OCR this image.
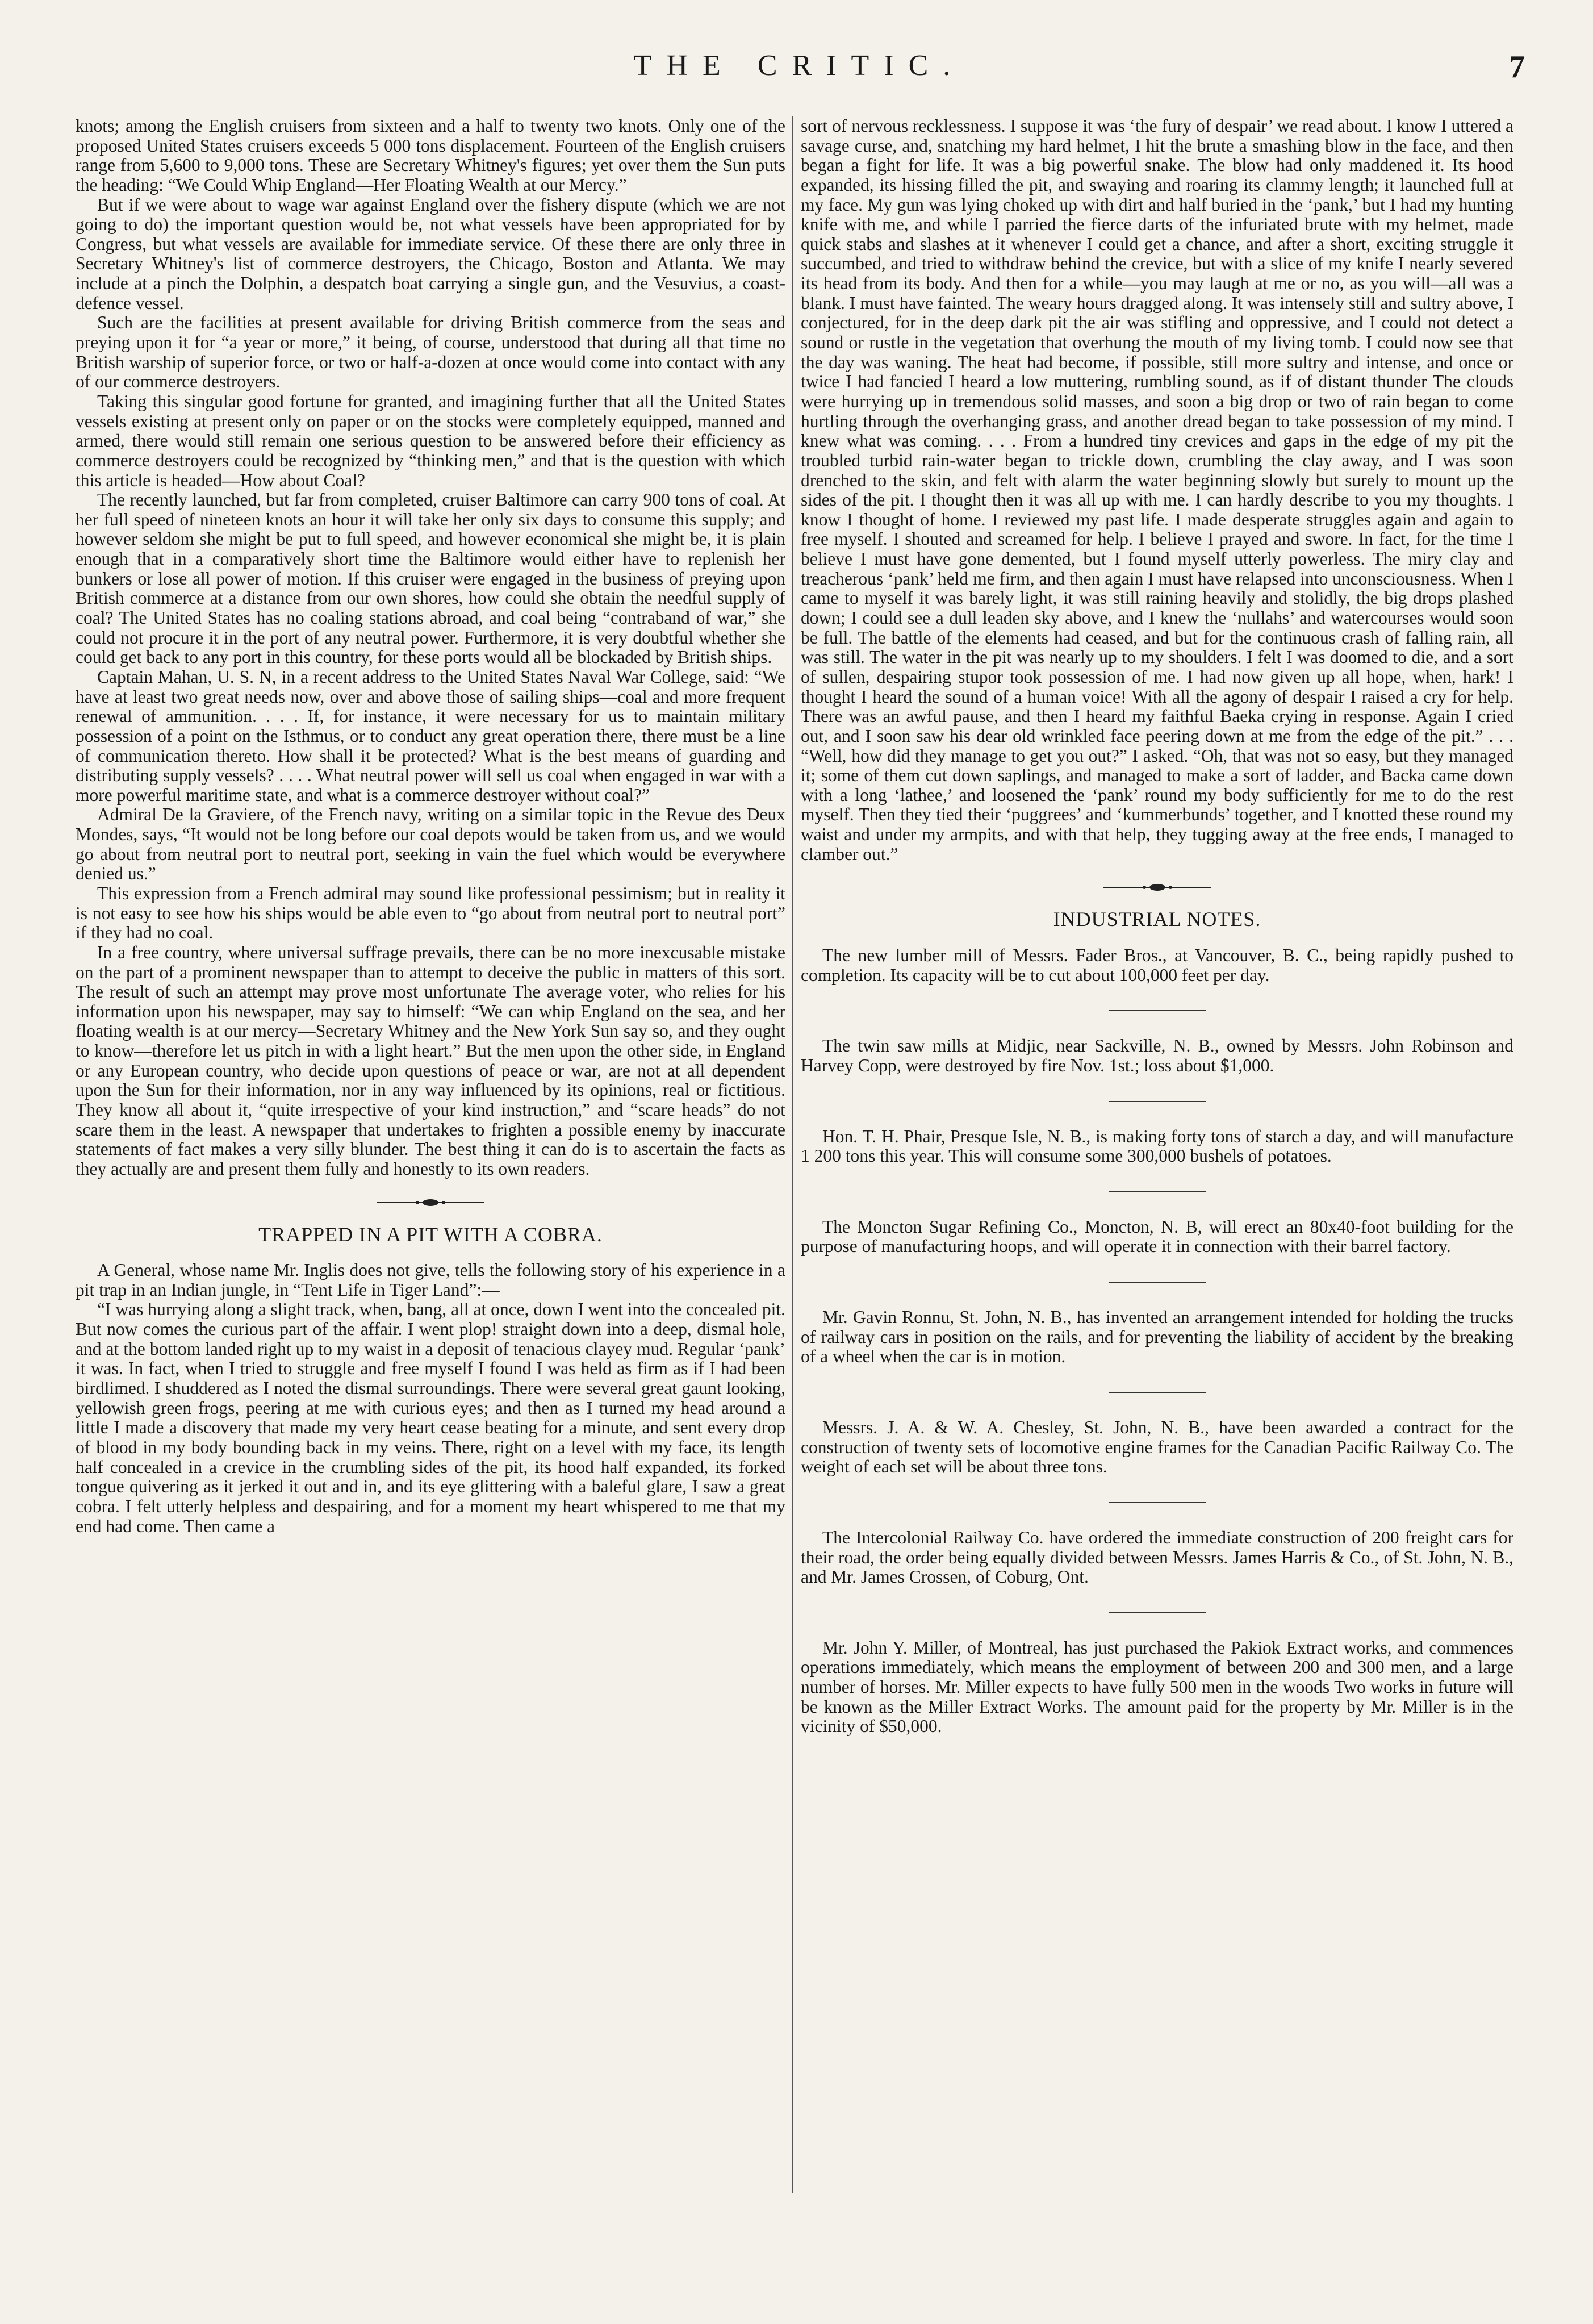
THE CRITIC.	7

knots; among the English cruisers from sixteen and a half to twenty two knots. Only one of the proposed United States cruisers exceeds 5 000 tons displacement. Fourteen of the English cruisers range from 5,600 to 9,000 tons. These are Secretary Whitney's figures; yet over them the Sun puts the heading: “We Could Whip England—Her Floating Wealth at our Mercy.”

But if we were about to wage war against England over the fishery dispute (which we are not going to do) the important question would be, not what vessels have been appropriated for by Congress, but what vessels are available for immediate service. Of these there are only three in Secretary Whitney's list of commerce destroyers, the Chicago, Boston and Atlanta. We may include at a pinch the Dolphin, a despatch boat carrying a single gun, and the Vesuvius, a coast-defence vessel.

Such are the facilities at present available for driving British commerce from the seas and preying upon it for “a year or more,” it being, of course, understood that during all that time no British warship of superior force, or two or half-a-dozen at once would come into contact with any of our commerce destroyers.

Taking this singular good fortune for granted, and imagining further that all the United States vessels existing at present only on paper or on the stocks were completely equipped, manned and armed, there would still remain one serious question to be answered before their efficiency as commerce destroyers could be recognized by “thinking men,” and that is the question with which this article is headed—How about Coal?

The recently launched, but far from completed, cruiser Baltimore can carry 900 tons of coal. At her full speed of nineteen knots an hour it will take her only six days to consume this supply; and however seldom she might be put to full speed, and however economical she might be, it is plain enough that in a comparatively short time the Baltimore would either have to replenish her bunkers or lose all power of motion. If this cruiser were engaged in the business of preying upon British commerce at a distance from our own shores, how could she obtain the needful supply of coal? The United States has no coaling stations abroad, and coal being “contraband of war,” she could not procure it in the port of any neutral power. Furthermore, it is very doubtful whether she could get back to any port in this country, for these ports would all be blockaded by British ships.

Captain Mahan, U. S. N, in a recent address to the United States Naval War College, said: “We have at least two great needs now, over and above those of sailing ships—coal and more frequent renewal of ammunition. . . . If, for instance, it were necessary for us to maintain military possession of a point on the Isthmus, or to conduct any great operation there, there must be a line of communication thereto. How shall it be protected? What is the best means of guarding and distributing supply vessels? . . . . What neutral power will sell us coal when engaged in war with a more powerful maritime state, and what is a commerce destroyer without coal?”

Admiral De la Graviere, of the French navy, writing on a similar topic in the Revue des Deux Mondes, says, “It would not be long before our coal depots would be taken from us, and we would go about from neutral port to neutral port, seeking in vain the fuel which would be everywhere denied us.”

This expression from a French admiral may sound like professional pessimism; but in reality it is not easy to see how his ships would be able even to “go about from neutral port to neutral port” if they had no coal.

In a free country, where universal suffrage prevails, there can be no more inexcusable mistake on the part of a prominent newspaper than to attempt to deceive the public in matters of this sort. The result of such an attempt may prove most unfortunate The average voter, who relies for his information upon his newspaper, may say to himself: “We can whip England on the sea, and her floating wealth is at our mercy—Secretary Whitney and the New York Sun say so, and they ought to know—therefore let us pitch in with a light heart.” But the men upon the other side, in England or any European country, who decide upon questions of peace or war, are not at all dependent upon the Sun for their information, nor in any way influenced by its opinions, real or fictitious. They know all about it, “quite irrespective of your kind instruction,” and “scare heads” do not scare them in the least. A newspaper that undertakes to frighten a possible enemy by inaccurate statements of fact makes a very silly blunder. The best thing it can do is to ascertain the facts as they actually are and present them fully and honestly to its own readers.

TRAPPED IN A PIT WITH A COBRA.

A General, whose name Mr. Inglis does not give, tells the following story of his experience in a pit trap in an Indian jungle, in “Tent Life in Tiger Land”:—

“I was hurrying along a slight track, when, bang, all at once, down I went into the concealed pit. But now comes the curious part of the affair. I went plop! straight down into a deep, dismal hole, and at the bottom landed right up to my waist in a deposit of tenacious clayey mud. Regular ‘pank’ it was. In fact, when I tried to struggle and free myself I found I was held as firm as if I had been birdlimed. I shuddered as I noted the dismal surroundings. There were several great gaunt looking, yellowish green frogs, peering at me with curious eyes; and then as I turned my head around a little I made a discovery that made my very heart cease beating for a minute, and sent every drop of blood in my body bounding back in my veins. There, right on a level with my face, its length half concealed in a crevice in the crumbling sides of the pit, its hood half expanded, its forked tongue quivering as it jerked it out and in, and its eye glittering with a baleful glare, I saw a great cobra. I felt utterly helpless and despairing, and for a moment my heart whispered to me that my end had come. Then came a

sort of nervous recklessness. I suppose it was ‘the fury of despair’ we read about. I know I uttered a savage curse, and, snatching my hard helmet, I hit the brute a smashing blow in the face, and then began a fight for life. It was a big powerful snake. The blow had only maddened it. Its hood expanded, its hissing filled the pit, and swaying and roaring its clammy length; it launched full at my face. My gun was lying choked up with dirt and half buried in the ‘pank,’ but I had my hunting knife with me, and while I parried the fierce darts of the infuriated brute with my helmet, made quick stabs and slashes at it whenever I could get a chance, and after a short, exciting struggle it succumbed, and tried to withdraw behind the crevice, but with a slice of my knife I nearly severed its head from its body. And then for a while—you may laugh at me or no, as you will—all was a blank. I must have fainted. The weary hours dragged along. It was intensely still and sultry above, I conjectured, for in the deep dark pit the air was stifling and oppressive, and I could not detect a sound or rustle in the vegetation that overhung the mouth of my living tomb. I could now see that the day was waning. The heat had become, if possible, still more sultry and intense, and once or twice I had fancied I heard a low muttering, rumbling sound, as if of distant thunder The clouds were hurrying up in tremendous solid masses, and soon a big drop or two of rain began to come hurtling through the overhanging grass, and another dread began to take possession of my mind. I knew what was coming. . . . From a hundred tiny crevices and gaps in the edge of my pit the troubled turbid rain-water began to trickle down, crumbling the clay away, and I was soon drenched to the skin, and felt with alarm the water beginning slowly but surely to mount up the sides of the pit. I thought then it was all up with me. I can hardly describe to you my thoughts. I know I thought of home. I reviewed my past life. I made desperate struggles again and again to free myself. I shouted and screamed for help. I believe I prayed and swore. In fact, for the time I believe I must have gone demented, but I found myself utterly powerless. The miry clay and treacherous ‘pank’ held me firm, and then again I must have relapsed into unconsciousness. When I came to myself it was barely light, it was still raining heavily and stolidly, the big drops plashed down; I could see a dull leaden sky above, and I knew the ‘nullahs’ and watercourses would soon be full. The battle of the elements had ceased, and but for the continuous crash of falling rain, all was still. The water in the pit was nearly up to my shoulders. I felt I was doomed to die, and a sort of sullen, despairing stupor took possession of me. I had now given up all hope, when, hark! I thought I heard the sound of a human voice! With all the agony of despair I raised a cry for help. There was an awful pause, and then I heard my faithful Baeka crying in response. Again I cried out, and I soon saw his dear old wrinkled face peering down at me from the edge of the pit.” . . . “Well, how did they manage to get you out?” I asked. “Oh, that was not so easy, but they managed it; some of them cut down saplings, and managed to make a sort of ladder, and Backa came down with a long ‘lathee,’ and loosened the ‘pank’ round my body sufficiently for me to do the rest myself. Then they tied their ‘puggrees’ and ‘kummerbunds’ together, and I knotted these round my waist and under my armpits, and with that help, they tugging away at the free ends, I managed to clamber out.”

INDUSTRIAL NOTES.

The new lumber mill of Messrs. Fader Bros., at Vancouver, B. C., being rapidly pushed to completion. Its capacity will be to cut about 100,000 feet per day.

The twin saw mills at Midjic, near Sackville, N. B., owned by Messrs. John Robinson and Harvey Copp, were destroyed by fire Nov. 1st.; loss about $1,000.

Hon. T. H. Phair, Presque Isle, N. B., is making forty tons of starch a day, and will manufacture 1 200 tons this year. This will consume some 300,000 bushels of potatoes.

The Moncton Sugar Refining Co., Moncton, N. B, will erect an 80x40-foot building for the purpose of manufacturing hoops, and will operate it in connection with their barrel factory.

Mr. Gavin Ronnu, St. John, N. B., has invented an arrangement intended for holding the trucks of railway cars in position on the rails, and for preventing the liability of accident by the breaking of a wheel when the car is in motion.

Messrs. J. A. & W. A. Chesley, St. John, N. B., have been awarded a contract for the construction of twenty sets of locomotive engine frames for the Canadian Pacific Railway Co. The weight of each set will be about three tons.

The Intercolonial Railway Co. have ordered the immediate construction of 200 freight cars for their road, the order being equally divided between Messrs. James Harris & Co., of St. John, N. B., and Mr. James Crossen, of Coburg, Ont.

Mr. John Y. Miller, of Montreal, has just purchased the Pakiok Extract works, and commences operations immediately, which means the employment of between 200 and 300 men, and a large number of horses. Mr. Miller expects to have fully 500 men in the woods Two works in future will be known as the Miller Extract Works. The amount paid for the property by Mr. Miller is in the vicinity of $50,000.
